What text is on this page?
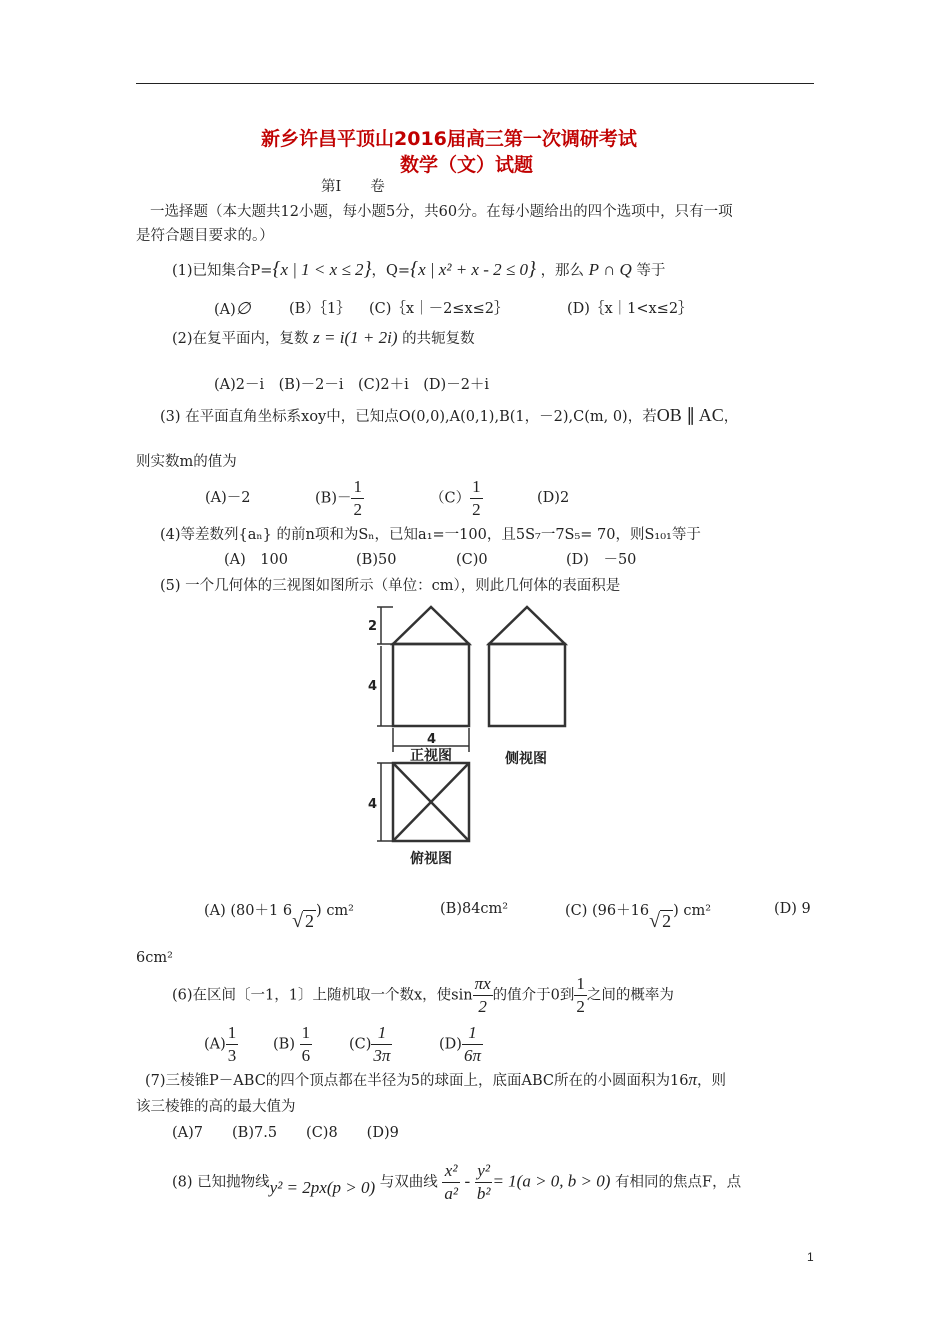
新乡许昌平顶山2016届高三第一次调研考试
数学（文）试题
第Ⅰ　　卷
一选择题（本大题共12小题，每小题5分，共60分。在每小题给出的四个选项中，只有一项
是符合题目要求的。）
(1)已知集合P={x | 1 < x ≤ 2}，Q={x | x² + x - 2 ≤ 0} ，那么 P ∩ Q 等于
(A)∅	(B）｛1｝ (C)｛x｜－2≤x≤2｝	(D)｛x｜1<x≤2｝
(2)在复平面内，复数 z = i(1 + 2i) 的共轭复数
(A)2－i　(B)－2－i　(C)2＋i　(D)－2＋i
(3) 在平面直角坐标系xoy中，已知点O(0,0),A(0,1),B(1，－2),C(m, 0)，若OB ∥ AC，
则实数m的值为
(A)－2	$(B)- \frac{1}{2}$	$(C) \frac{1}{2}$	(D)2
(4)等差数列{aₙ} 的前n项和为Sₙ，已知a₁=一100，且5S₇一7S₅= 70，则S₁₀₁等于
(A)　100	(B)50	(C)0	(D)　－50
(5) 一个几何体的三视图如图所示（单位：cm），则此几何体的表面积是
2
4
4
4
正视图	侧视图
俯视图
(A) (80＋1 6√ 2 ) cm²	(B)84cm²	(C) (96＋16√ 2 ) cm²	(D) 9
6cm²
(6)在区间〔一1，1〕上随机取一个数x，使$\sin \frac{\pi x}{2}$ 的值介于0到 $\frac{1}{2}$ 之间的概率为
$(A) \frac{1}{3} (B) \frac{1}{6}$	$(C) \frac{1}{3\pi}$	$(D) \frac{1}{6\pi}$
(7)三棱锥P－ABC的四个顶点都在半径为5的球面上，底面ABC所在的小圆面积为16π，则
该三棱锥的高的最大值为
(A)7　　(B)7.5　　(C)8　　(D)9
(8) 已知抛物线y² = 2px(p > 0) 与双曲线 $\frac{\text{x²}}{\text{a²}} - \frac{\text{y²}}{\text{b²}} = 1(a > 0$, b > 0) 有相同的焦点F，点
1
